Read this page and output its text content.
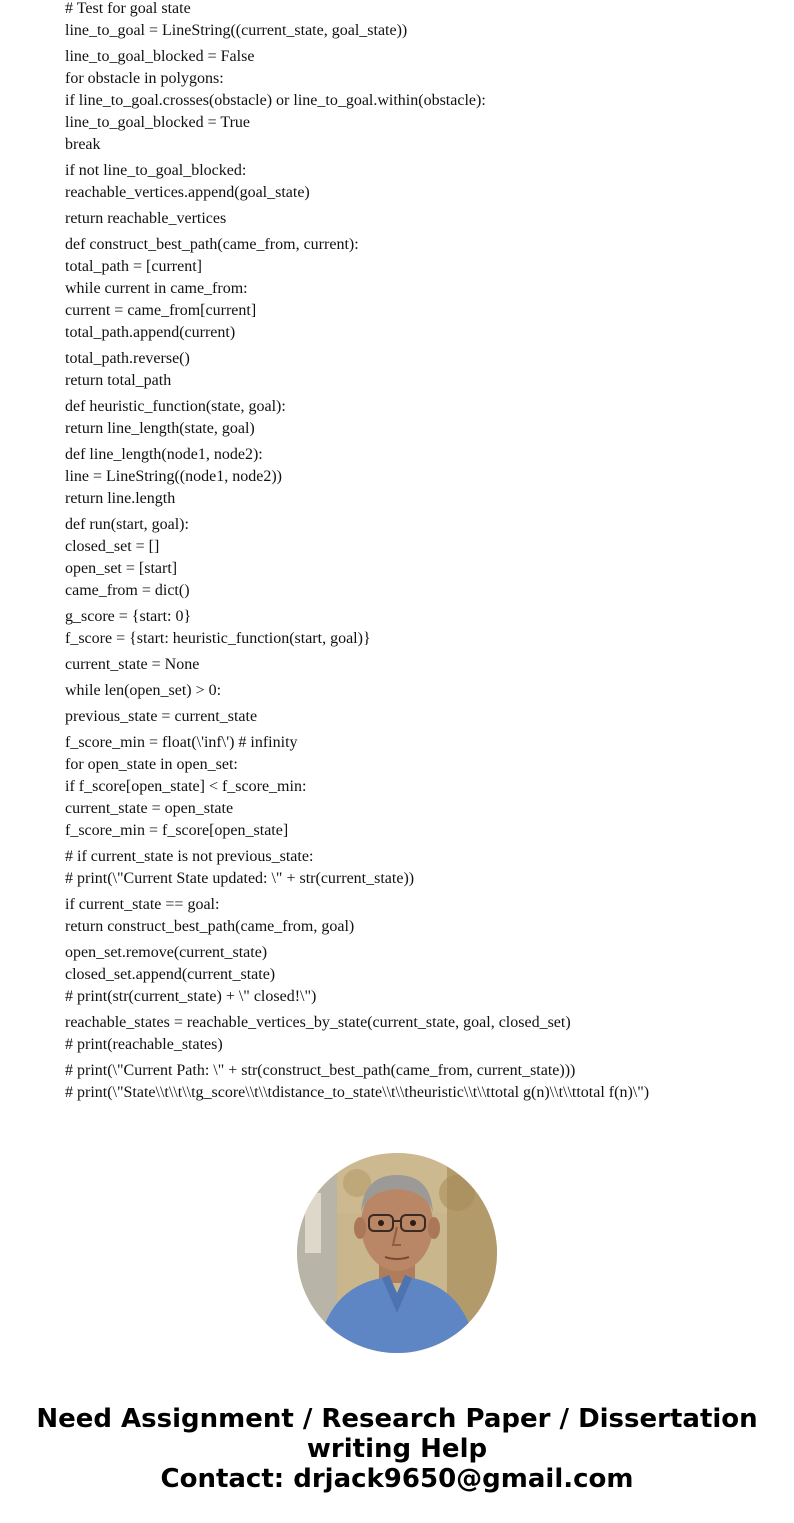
# Test for goal state
line_to_goal = LineString((current_state, goal_state))
line_to_goal_blocked = False
for obstacle in polygons:
if line_to_goal.crosses(obstacle) or line_to_goal.within(obstacle):
line_to_goal_blocked = True
break
if not line_to_goal_blocked:
reachable_vertices.append(goal_state)
return reachable_vertices
def construct_best_path(came_from, current):
total_path = [current]
while current in came_from:
current = came_from[current]
total_path.append(current)
total_path.reverse()
return total_path
def heuristic_function(state, goal):
return line_length(state, goal)
def line_length(node1, node2):
line = LineString((node1, node2))
return line.length
def run(start, goal):
closed_set = []
open_set = [start]
came_from = dict()
g_score = {start: 0}
f_score = {start: heuristic_function(start, goal)}
current_state = None
while len(open_set) > 0:
previous_state = current_state
f_score_min = float(\'inf\') # infinity
for open_state in open_set:
if f_score[open_state] < f_score_min:
current_state = open_state
f_score_min = f_score[open_state]
# if current_state is not previous_state:
# print(\"Current State updated: \" + str(current_state))
if current_state == goal:
return construct_best_path(came_from, goal)
open_set.remove(current_state)
closed_set.append(current_state)
# print(str(current_state) + \" closed!\")
reachable_states = reachable_vertices_by_state(current_state, goal, closed_set)
# print(reachable_states)
# print(\"Current Path: \" + str(construct_best_path(came_from, current_state)))
# print(\"State\\t\\t\\tg_score\\t\\tdistance_to_state\\t\\theuristic\\t\\ttotal g(n)\\t\\ttotal f(n)\")
Need Assignment / Research Paper / Dissertation
writing Help
Contact: drjack9650@gmail.com
